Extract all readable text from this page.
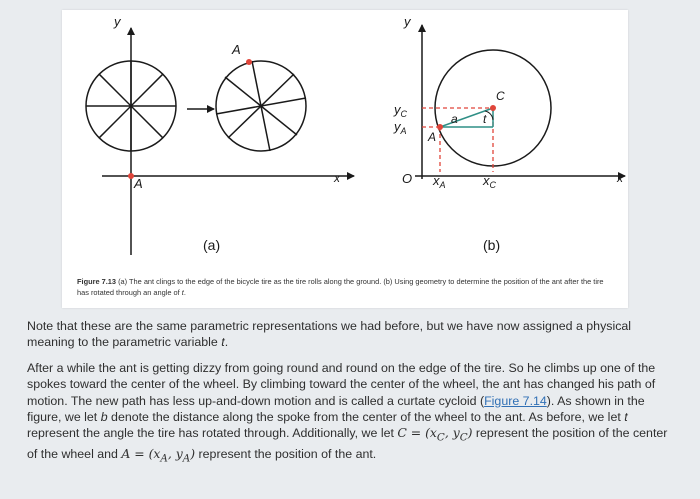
y
x
A
A
(a)
y
x
O
C
A
a t
$y_C$
$y_A$
$x_A$	$x_C$
(b)
Figure 7.13 (a) The ant clings to the edge of the bicycle tire as the tire rolls along the ground. (b) Using geometry to determine the position of the ant after the tire has rotated through an angle of t.

Note that these are the same parametric representations we had before, but we have now assigned a physical meaning to the parametric variable t.

After a while the ant is getting dizzy from going round and round on the edge of the tire. So he climbs up one of the spokes toward the center of the wheel. By climbing toward the center of the wheel, the ant has changed his path of motion. The new path has less up-and-down motion and is called a curtate cycloid (Figure 7.14). As shown in the figure, we let b denote the distance along the spoke from the center of the wheel to the ant. As before, we let t represent the angle the tire has rotated through. Additionally, we let $C = (x_C$, $y_C$) represent the position of the center of the wheel and $A = (x_A$, $y_A$) represent the position of the ant.
